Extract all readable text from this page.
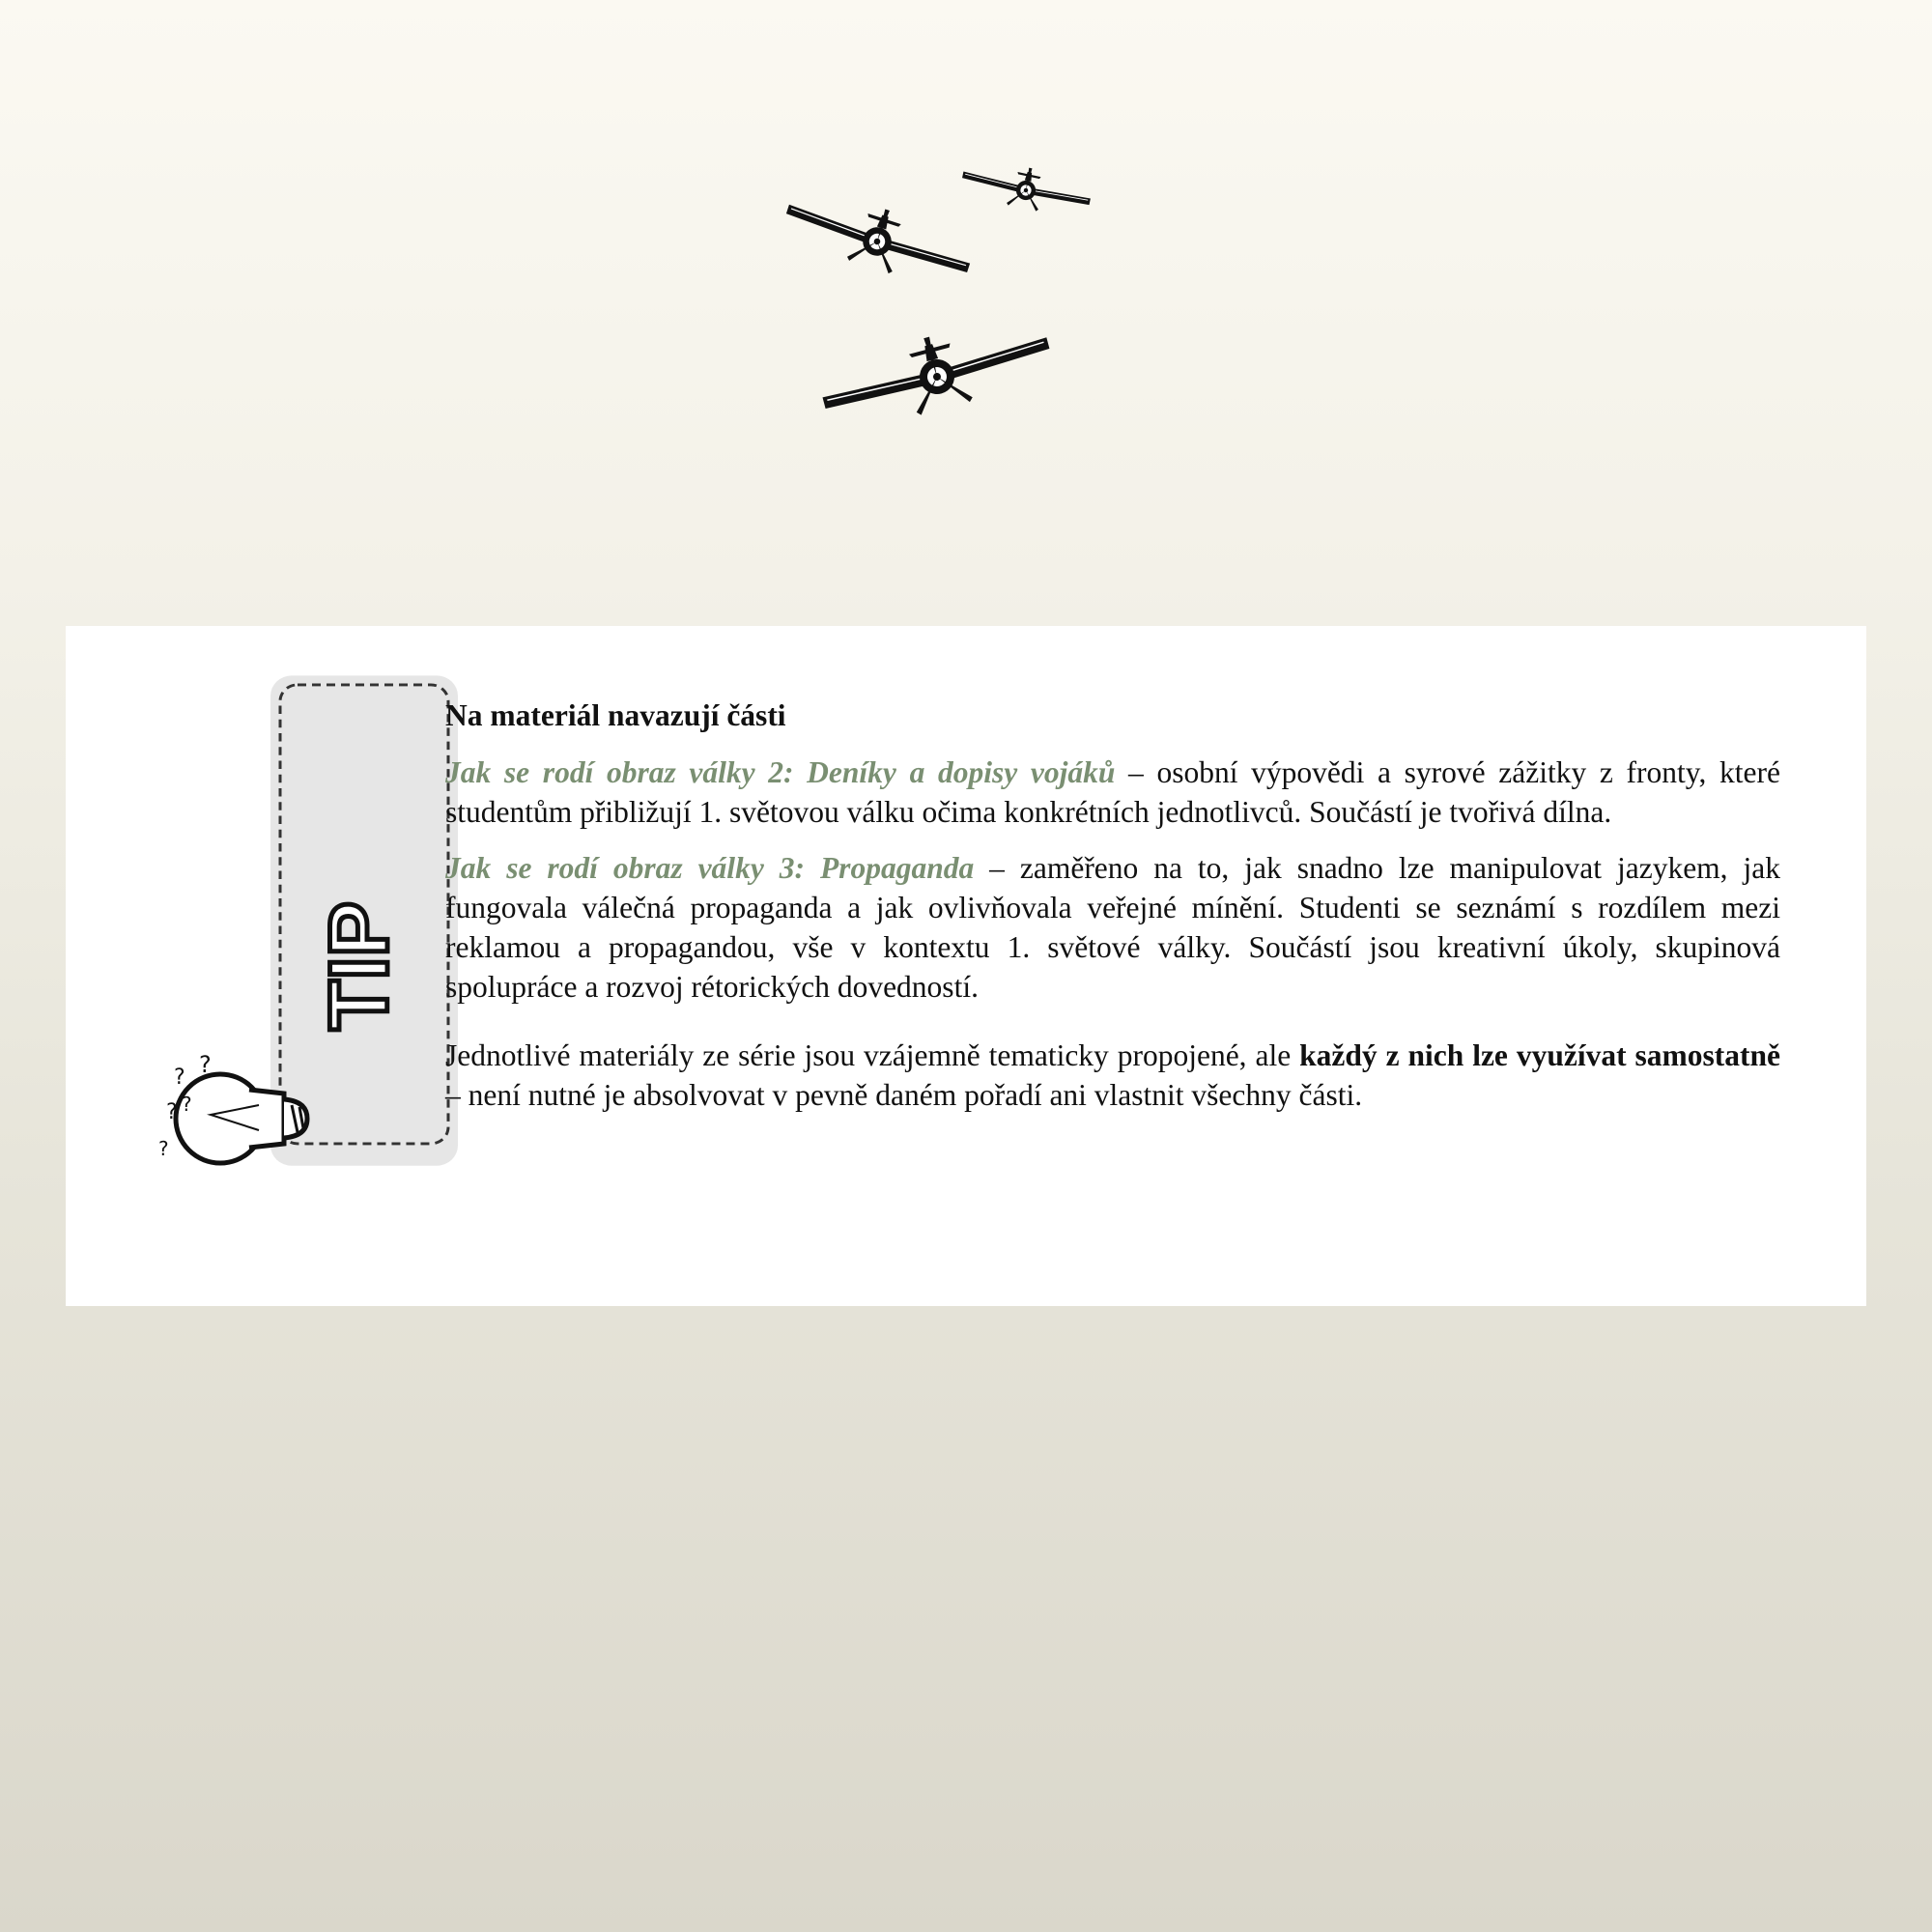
TIP
? ?
? ?
?
Na materiál navazují části

Jak se rodí obraz války 2: Deníky a dopisy vojáků – osobní výpovědi a syrové zážitky z fronty, které studentům přibližují 1. světovou válku očima konkrétních jednotlivců. Součástí je tvořivá dílna.

Jak se rodí obraz války 3: Propaganda – zaměřeno na to, jak snadno lze manipulovat jazykem, jak fungovala válečná propaganda a jak ovlivňovala veřejné mínění. Studenti se seznámí s rozdílem mezi reklamou a propagandou, vše v kontextu 1. světové války. Součástí jsou kreativní úkoly, skupinová spolupráce a rozvoj rétorických dovedností.

Jednotlivé materiály ze série jsou vzájemně tematicky propojené, ale každý z nich lze využívat samostatně – není nutné je absolvovat v pevně daném pořadí ani vlastnit všechny části.
